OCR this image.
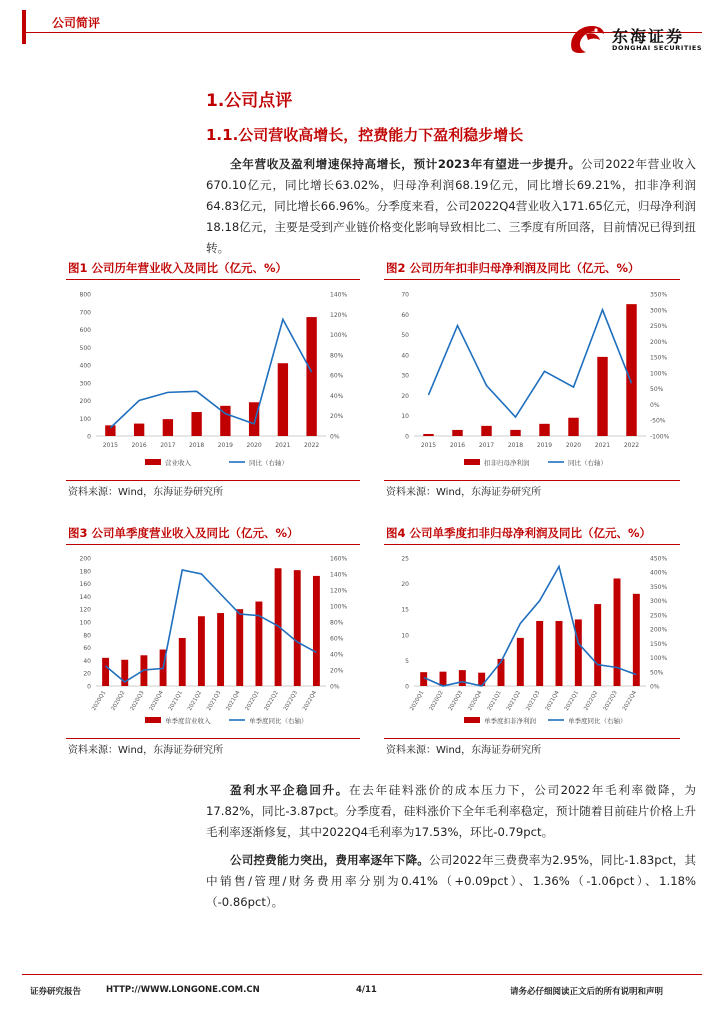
公司简评
东海证券
DONGHAI SECURITIES
1.公司点评
1.1.公司营收高增长，控费能力下盈利稳步增长
全年营收及盈利增速保持高增长，预计2023年有望进一步提升。公司2022年营业收入670.10亿元，同比增长63.02%，归母净利润68.19亿元，同比增长69.21%，扣非净利润64.83亿元，同比增长66.96%。分季度来看，公司2022Q4营业收入171.65亿元，归母净利润18.18亿元，主要是受到产业链价格变化影响导致相比二、三季度有所回落，目前情况已得到扭转。
图1 公司历年营业收入及同比（亿元、%）	图2 公司历年扣非归母净利润及同比（亿元、%）
0
100
200
300
400
500
600
700
800
0%
20%
40%
60%
80%
100%
120%
140%
2015 2016 2017 2018 2019 2020 2021 2022
营业收入	同比（右轴）
0
10
20
30
40
50
60
70
-100%
-50%
0%
50%
100%
150%
200%
250%
300%
350%
2015 2016 2017 2018 2019 2020 2021 2022
扣非归母净利润	同比（右轴）
资料来源：Wind，东海证券研究所	资料来源：Wind，东海证券研究所
图3 公司单季度营业收入及同比（亿元、%）	图4 公司单季度扣非归母净利润及同比（亿元、%）
0
20
40
60
80
100
120
140
160
180
200
0%
20%
40%
60%
80%
100%
120%
140%
160%
2020Q1 2020Q2 2020Q3 2020Q4 2021Q1 2021Q2 2021Q3 2021Q4 2022Q1 2022Q2 2022Q3 2022Q4
单季度营业收入	单季度同比（右轴）
0
5
10
15
20
25
0%
50%
100%
150%
200%
250%
300%
350%
400%
450%
2020Q1 2020Q2 2020Q3 2020Q4 2021Q1 2021Q2 2021Q3 2021Q4 2022Q1 2022Q2 2022Q3 2022Q4
单季度扣非净利润	单季度同比（右轴）
资料来源：Wind，东海证券研究所	资料来源：Wind，东海证券研究所
盈利水平企稳回升。在去年硅料涨价的成本压力下，公司2022年毛利率微降，为17.82%，同比-3.87pct。分季度看，硅料涨价下全年毛利率稳定，预计随着目前硅片价格上升毛利率逐渐修复，其中2022Q4毛利率为17.53%，环比-0.79pct。
公司控费能力突出，费用率逐年下降。公司2022年三费费率为2.95%，同比-1.83pct，其中销售/管理/财务费用率分别为0.41%（+0.09pct）、1.36%（-1.06pct）、1.18%（-0.86pct）。
证券研究报告	HTTP://WWW.LONGONE.COM.CN	4/11	请务必仔细阅读正文后的所有说明和声明
